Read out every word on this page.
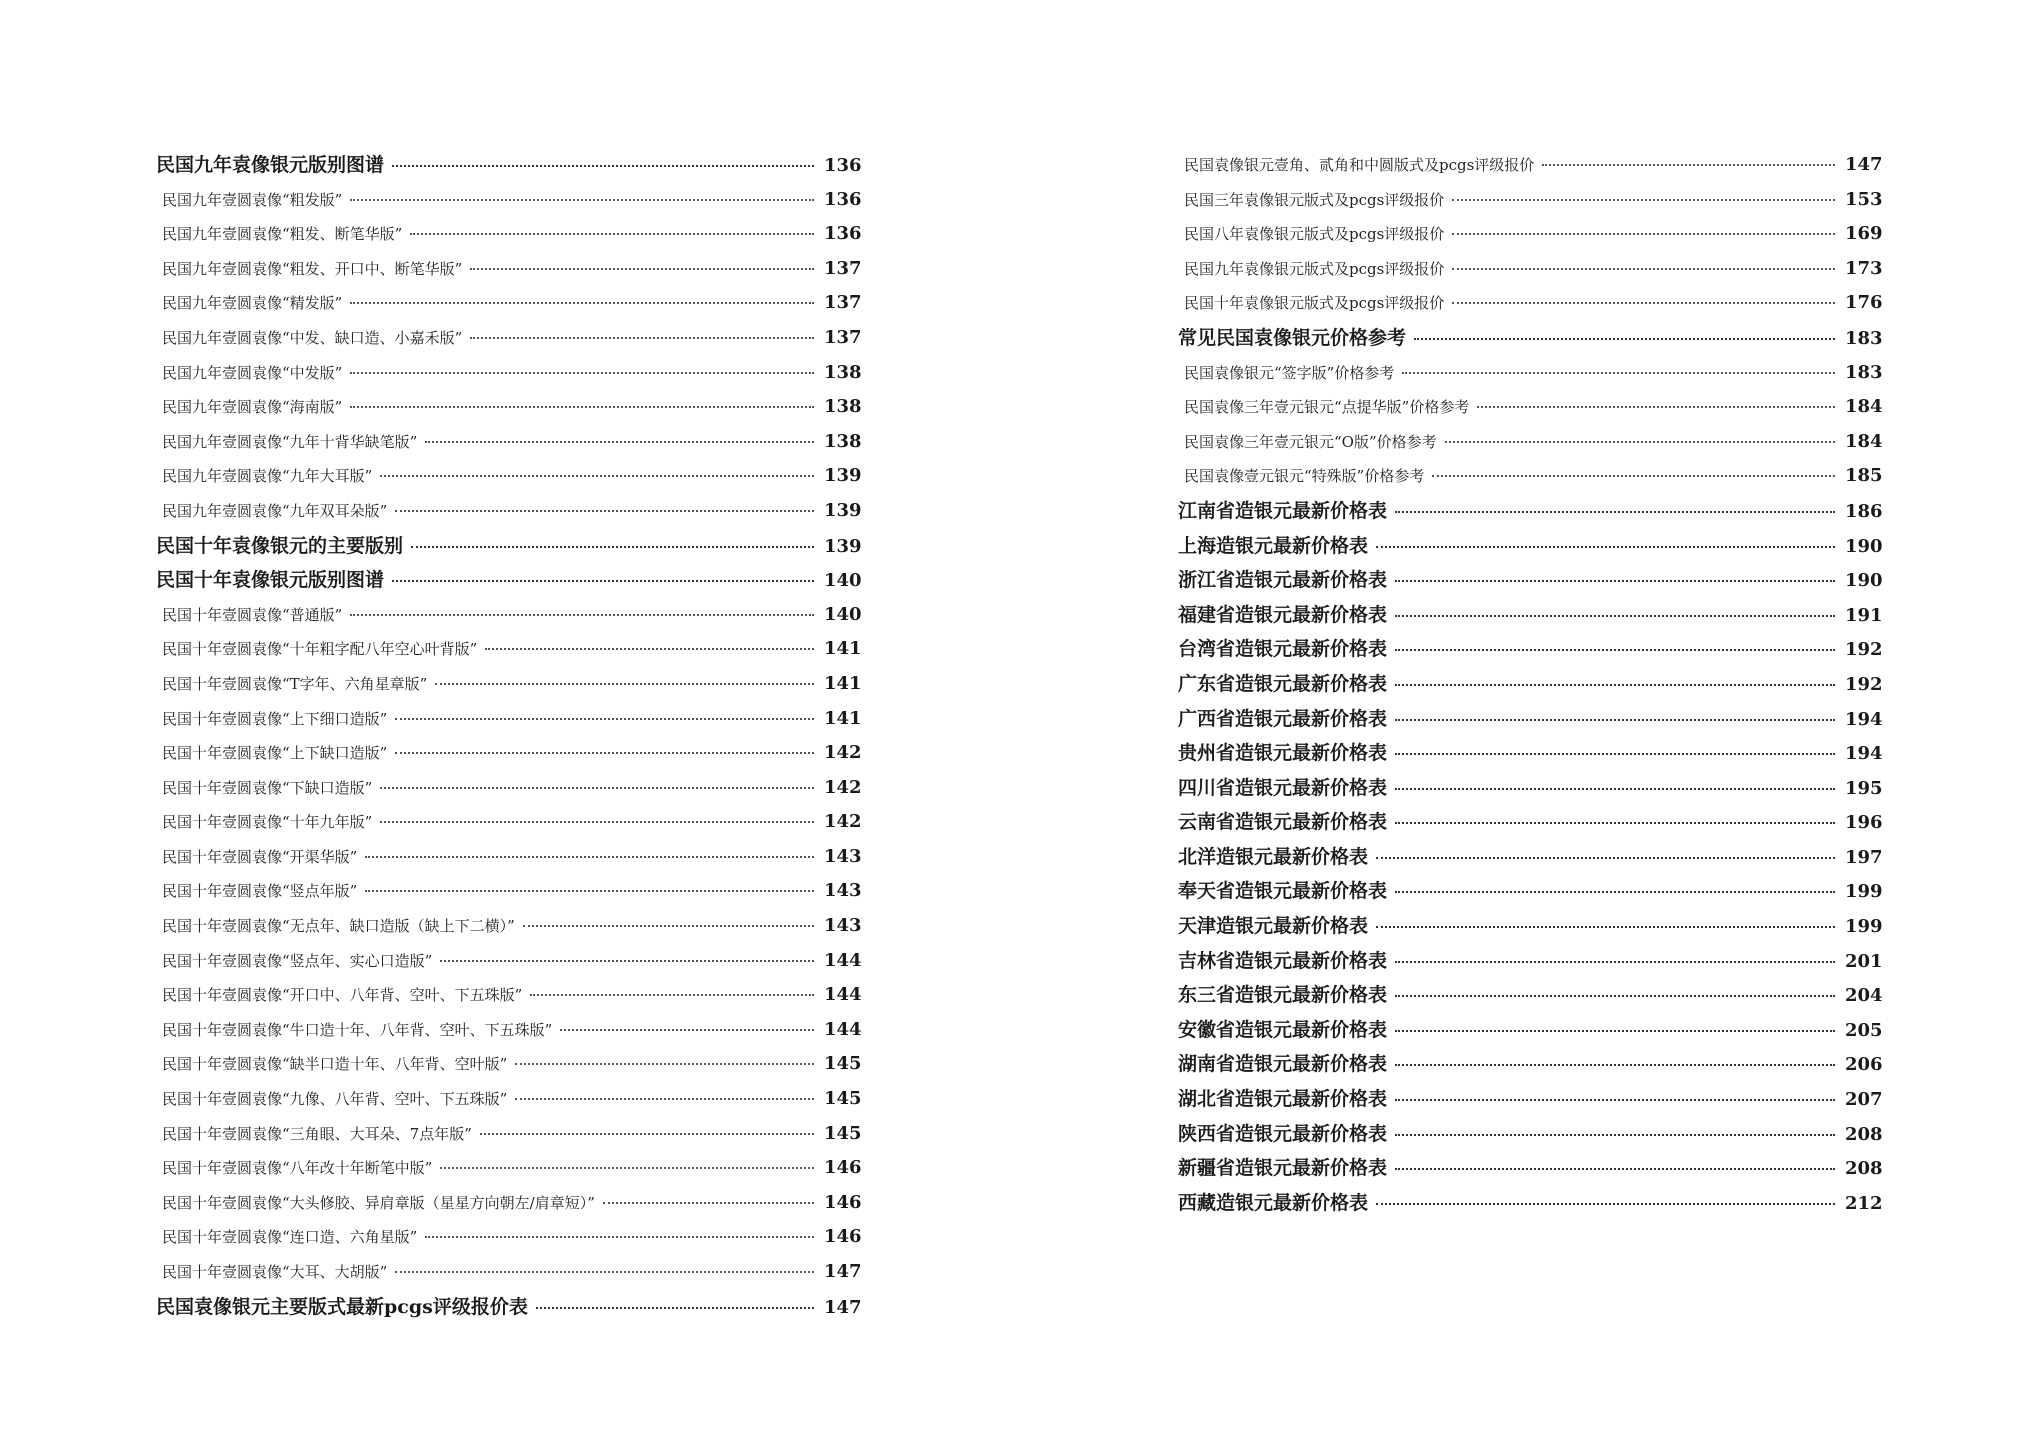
民国九年袁像银元版别图谱	136
民国九年壹圆袁像“粗发版”	136
民国九年壹圆袁像“粗发、断笔华版”	136
民国九年壹圆袁像“粗发、开口中、断笔华版”	137
民国九年壹圆袁像“精发版”	137
民国九年壹圆袁像“中发、缺口造、小嘉禾版”	137
民国九年壹圆袁像“中发版”	138
民国九年壹圆袁像“海南版”	138
民国九年壹圆袁像“九年十背华缺笔版”	138
民国九年壹圆袁像“九年大耳版”	139
民国九年壹圆袁像“九年双耳朵版”	139
民国十年袁像银元的主要版别	139
民国十年袁像银元版别图谱	140
民国十年壹圆袁像“普通版”	140
民国十年壹圆袁像“十年粗字配八年空心叶背版”	141
民国十年壹圆袁像“T字年、六角星章版”	141
民国十年壹圆袁像“上下细口造版”	141
民国十年壹圆袁像“上下缺口造版”	142
民国十年壹圆袁像“下缺口造版”	142
民国十年壹圆袁像“十年九年版”	142
民国十年壹圆袁像“开渠华版”	143
民国十年壹圆袁像“竖点年版”	143
民国十年壹圆袁像“无点年、缺口造版（缺上下二横）”	143
民国十年壹圆袁像“竖点年、实心口造版”	144
民国十年壹圆袁像“开口中、八年背、空叶、下五珠版”	144
民国十年壹圆袁像“牛口造十年、八年背、空叶、下五珠版”	144
民国十年壹圆袁像“缺半口造十年、八年背、空叶版”	145
民国十年壹圆袁像“九像、八年背、空叶、下五珠版”	145
民国十年壹圆袁像“三角眼、大耳朵、7点年版”	145
民国十年壹圆袁像“八年改十年断笔中版”	146
民国十年壹圆袁像“大头修胶、异肩章版（星星方向朝左/肩章短）”	146
民国十年壹圆袁像“连口造、六角星版”	146
民国十年壹圆袁像“大耳、大胡版”	147
民国袁像银元主要版式最新pcgs评级报价表	147
民国袁像银元壹角、贰角和中圆版式及pcgs评级报价	147
民国三年袁像银元版式及pcgs评级报价	153
民国八年袁像银元版式及pcgs评级报价	169
民国九年袁像银元版式及pcgs评级报价	173
民国十年袁像银元版式及pcgs评级报价	176
常见民国袁像银元价格参考	183
民国袁像银元“签字版”价格参考	183
民国袁像三年壹元银元“点提华版”价格参考	184
民国袁像三年壹元银元“O版”价格参考	184
民国袁像壹元银元“特殊版”价格参考	185
江南省造银元最新价格表	186
上海造银元最新价格表	190
浙江省造银元最新价格表	190
福建省造银元最新价格表	191
台湾省造银元最新价格表	192
广东省造银元最新价格表	192
广西省造银元最新价格表	194
贵州省造银元最新价格表	194
四川省造银元最新价格表	195
云南省造银元最新价格表	196
北洋造银元最新价格表	197
奉天省造银元最新价格表	199
天津造银元最新价格表	199
吉林省造银元最新价格表	201
东三省造银元最新价格表	204
安徽省造银元最新价格表	205
湖南省造银元最新价格表	206
湖北省造银元最新价格表	207
陕西省造银元最新价格表	208
新疆省造银元最新价格表	208
西藏造银元最新价格表	212
